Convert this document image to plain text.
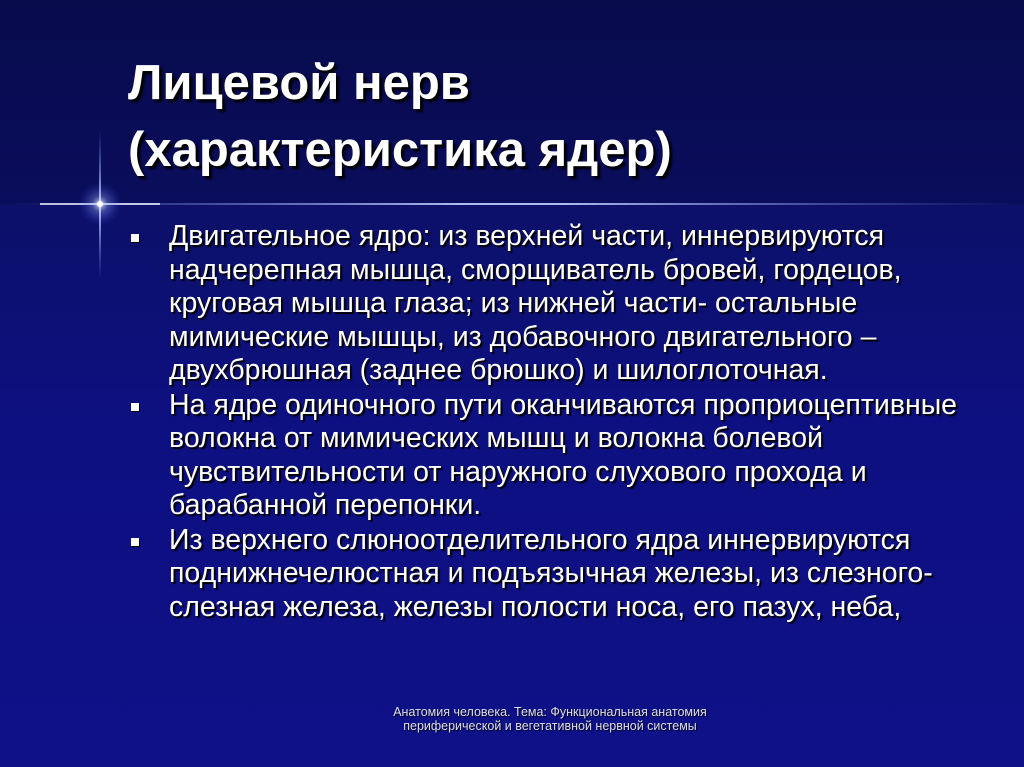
Лицевой нерв
(характеристика ядер)
Двигательное ядро: из верхней части, иннервируются надчерепная мышца, сморщиватель бровей, гордецов, круговая мышца глаза; из нижней части- остальные мимические мышцы, из добавочного двигательного –двухбрюшная (заднее брюшко) и шилоглоточная.
На ядре одиночного пути оканчиваются проприоцептивные волокна от мимических мышц и волокна болевой чувствительности от наружного слухового прохода и барабанной перепонки.
Из верхнего слюноотделительного ядра иннервируются поднижнечелюстная и подъязычная железы, из слезного- слезная железа, железы полости носа, его пазух, неба,
Анатомия человека. Тема: Функциональная анатомия периферической и вегетативной нервной системы
